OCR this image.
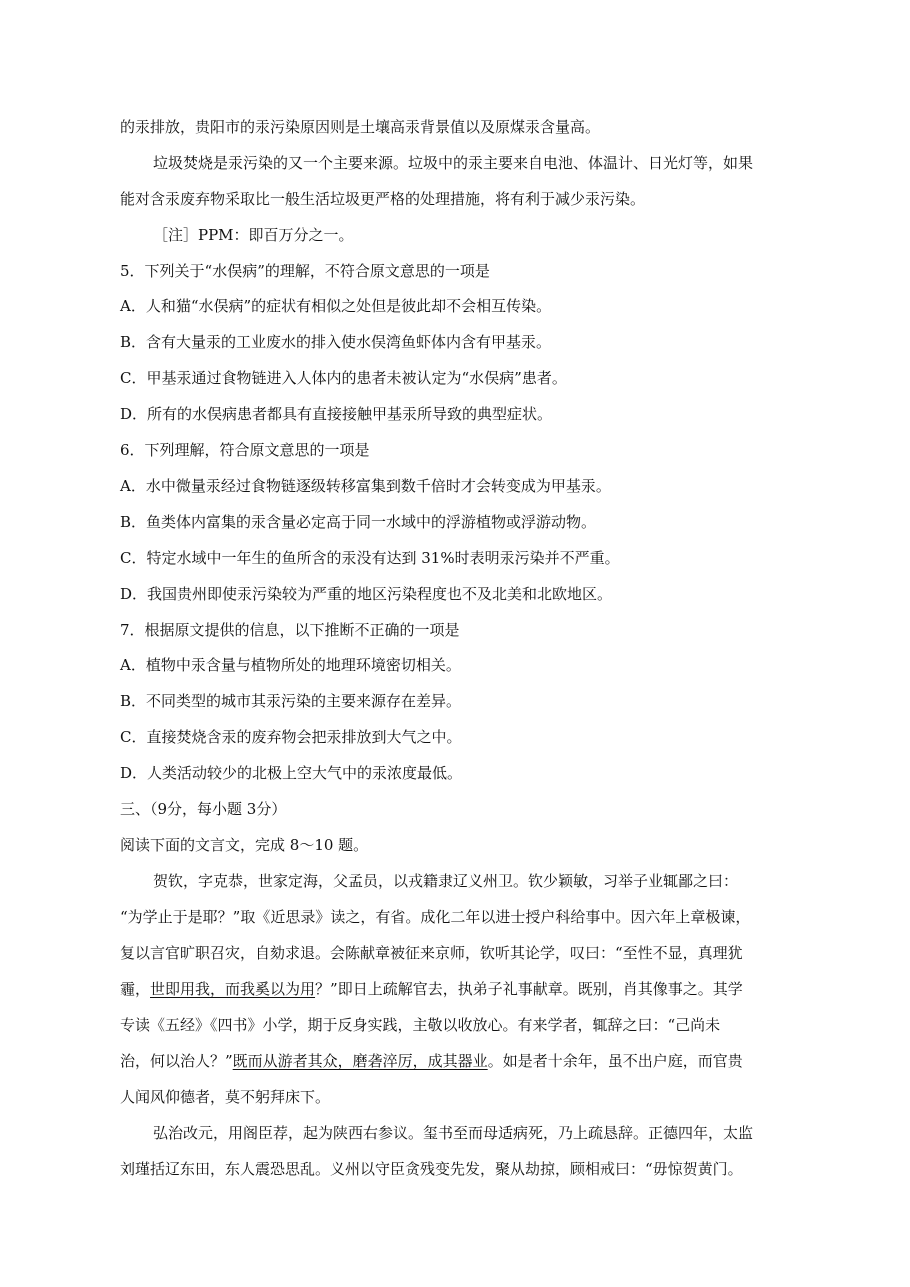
的汞排放，贵阳市的汞污染原因则是土壤高汞背景值以及原煤汞含量高。
垃圾焚烧是汞污染的又一个主要来源。垃圾中的汞主要来自电池、体温计、日光灯等，如果
能对含汞废弃物采取比一般生活垃圾更严格的处理措施，将有利于减少汞污染。
［注］PPM：即百万分之一。
5．下列关于“水俣病”的理解，不符合原文意思的一项是
A．人和猫“水俣病”的症状有相似之处但是彼此却不会相互传染。
B．含有大量汞的工业废水的排入使水俣湾鱼虾体内含有甲基汞。
C．甲基汞通过食物链进入人体内的患者未被认定为“水俣病”患者。
D．所有的水俣病患者都具有直接接触甲基汞所导致的典型症状。
6．下列理解，符合原文意思的一项是
A．水中微量汞经过食物链逐级转移富集到数千倍时才会转变成为甲基汞。
B．鱼类体内富集的汞含量必定高于同一水域中的浮游植物或浮游动物。
C．特定水域中一年生的鱼所含的汞没有达到 31%时表明汞污染并不严重。
D．我国贵州即使汞污染较为严重的地区污染程度也不及北美和北欧地区。
7．根据原文提供的信息，以下推断不正确的一项是
A．植物中汞含量与植物所处的地理环境密切相关。
B．不同类型的城市其汞污染的主要来源存在差异。
C．直接焚烧含汞的废弃物会把汞排放到大气之中。
D．人类活动较少的北极上空大气中的汞浓度最低。
三、（9分，每小题 3分）
阅读下面的文言文，完成 8～10 题。
贺钦，字克恭，世家定海，父孟员，以戎籍隶辽义州卫。钦少颖敏，习举子业辄鄙之曰：
“为学止于是耶？”取《近思录》读之，有省。成化二年以进士授户科给事中。因六年上章极谏，
复以言官旷职召灾，自劾求退。会陈献章被征来京师，钦听其论学，叹曰：“至性不显，真理犹
霾，世即用我，而我奚以为用？”即日上疏解官去，执弟子礼事献章。既别，肖其像事之。其学
专读《五经》《四书》小学，期于反身实践，主敬以收放心。有来学者，辄辞之曰：“己尚未
治，何以治人？”既而从游者其众，磨砻淬厉，成其器业。如是者十余年，虽不出户庭，而官贵
人闻风仰德者，莫不躬拜床下。
弘治改元，用阁臣荐，起为陕西右参议。玺书至而母适病死，乃上疏恳辞。正德四年，太监
刘瑾括辽东田，东人震恐思乱。义州以守臣贪残变先发，聚从劫掠，顾相戒曰：“毋惊贺黄门。
